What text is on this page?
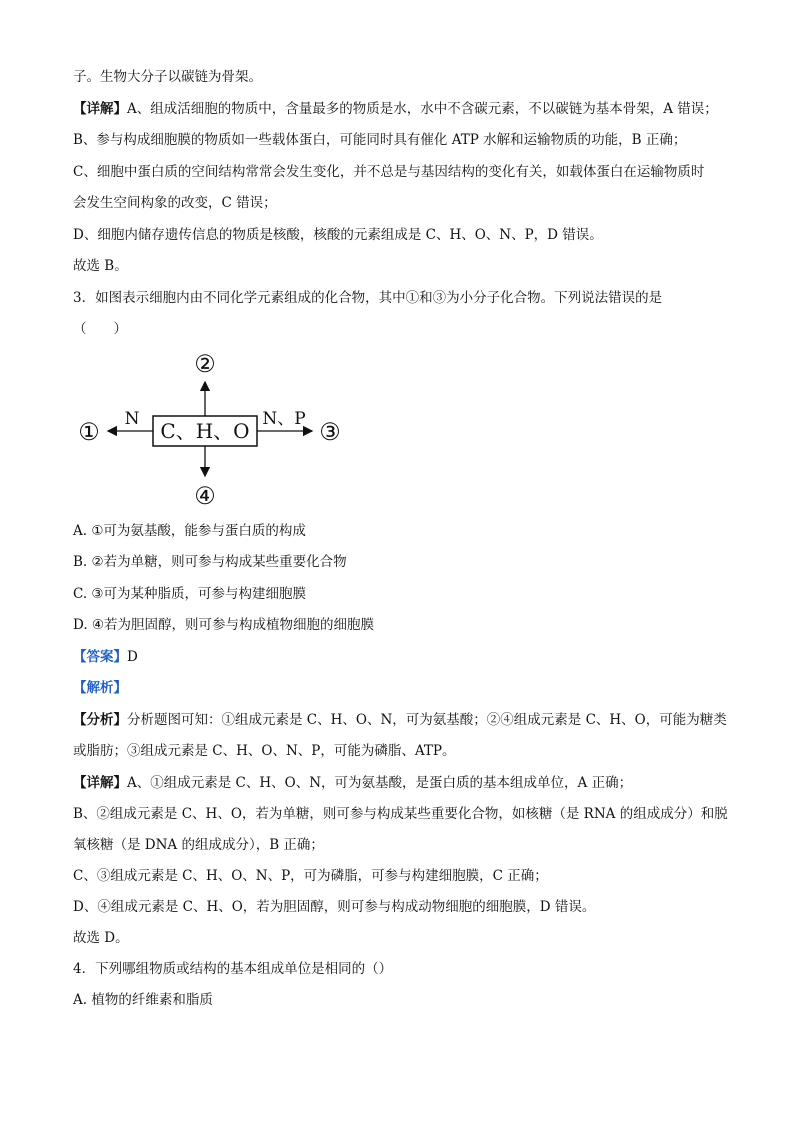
子。生物大分子以碳链为骨架。
【详解】A、组成活细胞的物质中，含量最多的物质是水，水中不含碳元素，不以碳链为基本骨架，A 错误；
B、参与构成细胞膜的物质如一些载体蛋白，可能同时具有催化 ATP 水解和运输物质的功能，B 正确；
C、细胞中蛋白质的空间结构常常会发生变化，并不总是与基因结构的变化有关，如载体蛋白在运输物质时
会发生空间构象的改变，C 错误；
D、细胞内储存遗传信息的物质是核酸，核酸的元素组成是 C、H、O、N、P，D 错误。
故选 B。
3．如图表示细胞内由不同化学元素组成的化合物，其中①和③为小分子化合物。下列说法错误的是
（　　）
C、H、O
②
④
①	③
N	N、P
A. ①可为氨基酸，能参与蛋白质的构成
B. ②若为单糖，则可参与构成某些重要化合物
C. ③可为某种脂质，可参与构建细胞膜
D. ④若为胆固醇，则可参与构成植物细胞的细胞膜
【答案】D
【解析】
【分析】分析题图可知：①组成元素是 C、H、O、N，可为氨基酸；②④组成元素是 C、H、O，可能为糖类
或脂肪；③组成元素是 C、H、O、N、P，可能为磷脂、ATP。
【详解】A、①组成元素是 C、H、O、N，可为氨基酸，是蛋白质的基本组成单位，A 正确；
B、②组成元素是 C、H、O，若为单糖，则可参与构成某些重要化合物，如核糖（是 RNA 的组成成分）和脱
氧核糖（是 DNA 的组成成分），B 正确；
C、③组成元素是 C、H、O、N、P，可为磷脂，可参与构建细胞膜，C 正确；
D、④组成元素是 C、H、O，若为胆固醇，则可参与构成动物细胞的细胞膜，D 错误。
故选 D。
4．下列哪组物质或结构的基本组成单位是相同的（）
A. 植物的纤维素和脂质
